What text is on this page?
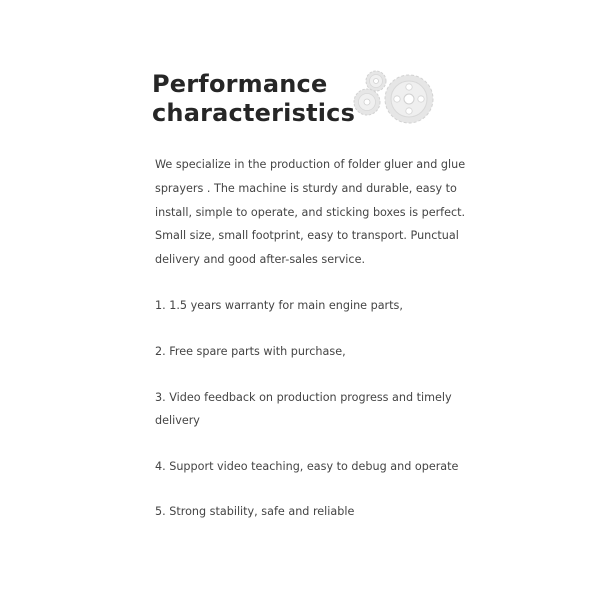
Performance
characteristics

We specialize in the production of folder gluer and glue

sprayers . The machine is sturdy and durable, easy to

install, simple to operate, and sticking boxes is perfect.

Small size, small footprint, easy to transport. Punctual

delivery and good after-sales service.

1. 1.5 years warranty for main engine parts,

2. Free spare parts with purchase,

3. Video feedback on production progress and timely
delivery

4. Support video teaching, easy to debug and operate

5. Strong stability, safe and reliable
